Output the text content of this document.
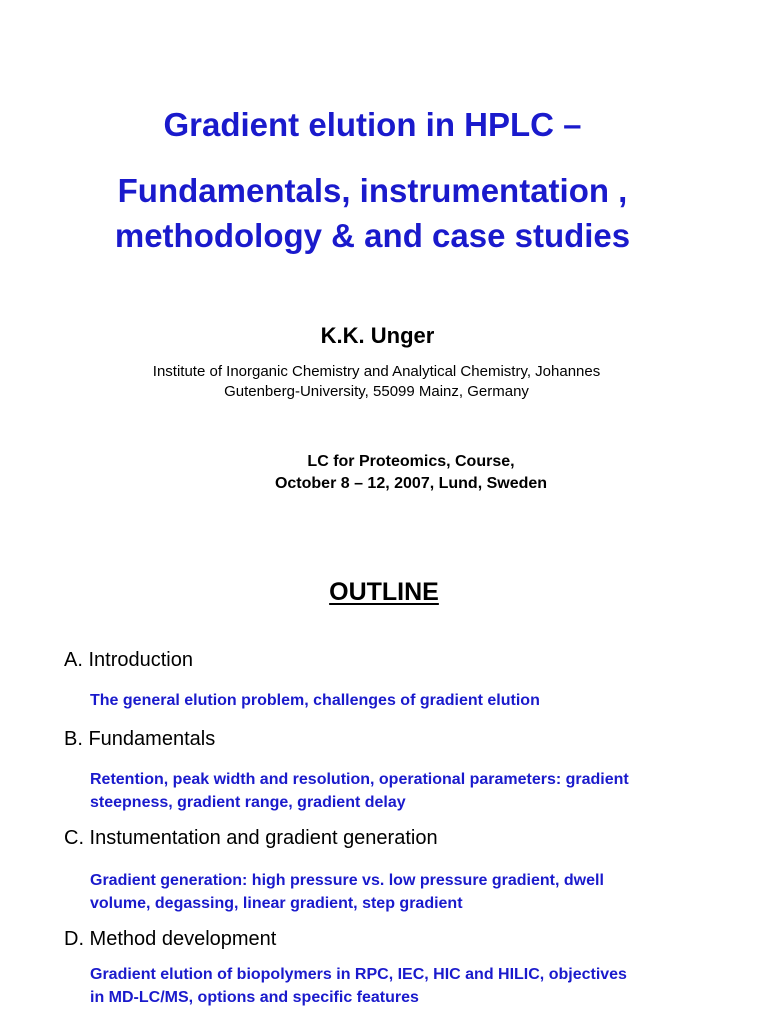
Gradient elution in HPLC –
Fundamentals, instrumentation ,
methodology & and case studies
K.K. Unger
Institute of Inorganic Chemistry and Analytical Chemistry, Johannes
Gutenberg-University, 55099 Mainz, Germany
LC for Proteomics, Course,
October 8 – 12, 2007, Lund, Sweden
OUTLINE
A. Introduction
The general elution problem, challenges of gradient elution
B. Fundamentals
Retention, peak width and resolution, operational parameters: gradient
steepness, gradient range, gradient delay
C. Instumentation and gradient generation
Gradient generation: high pressure vs. low pressure gradient, dwell
volume, degassing, linear gradient, step gradient
D. Method development
Gradient elution of biopolymers in RPC, IEC, HIC and HILIC, objectives
in MD-LC/MS, options and specific features
